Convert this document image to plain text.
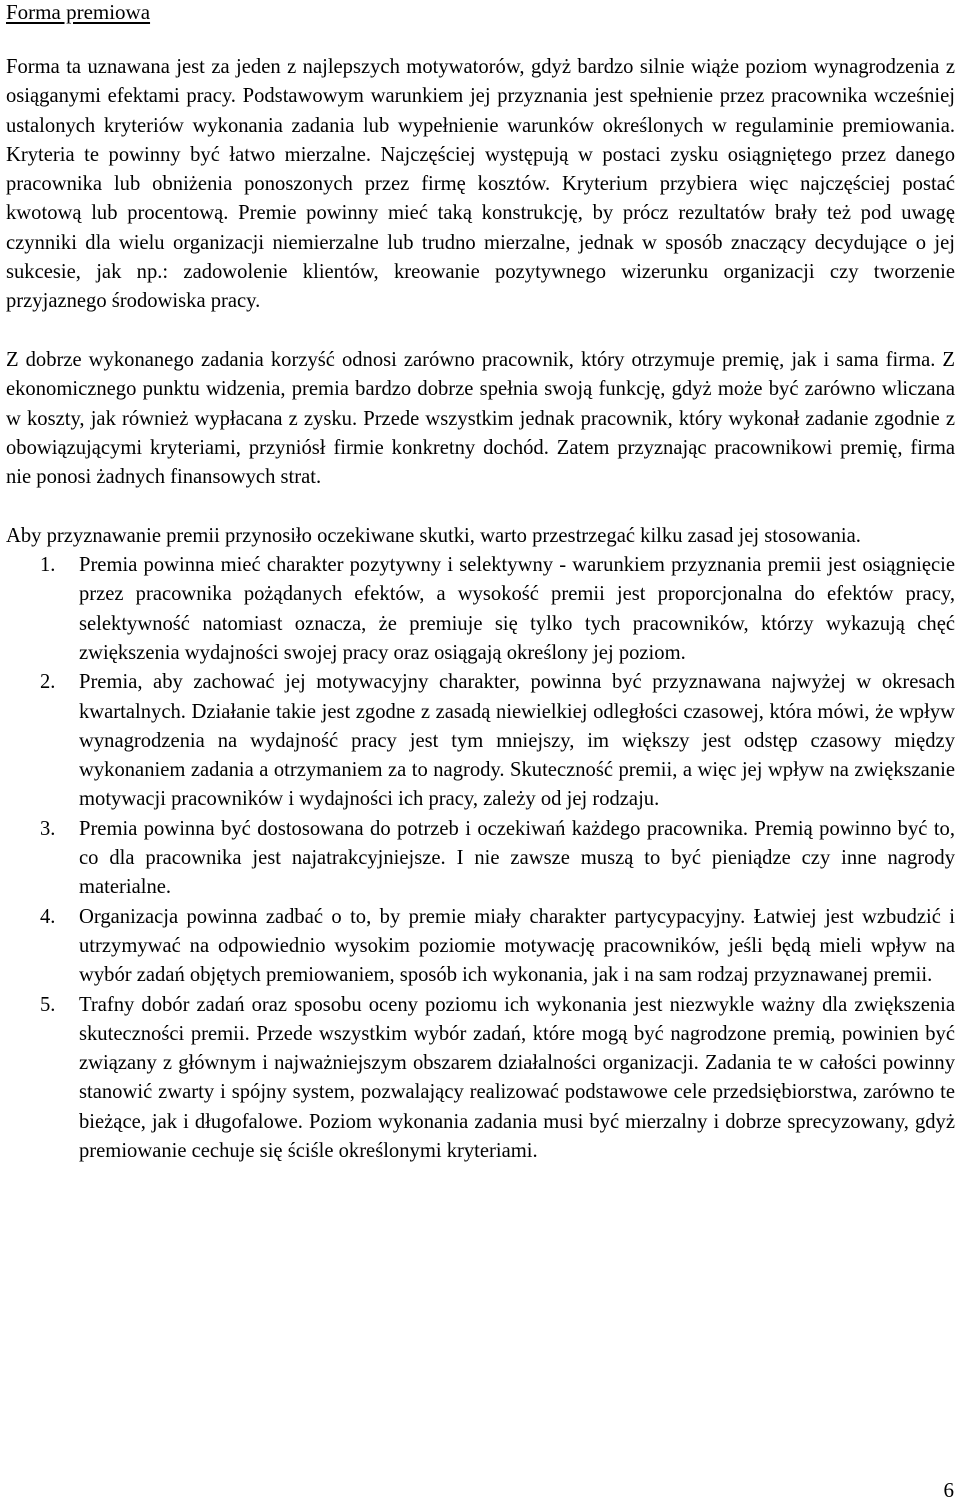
Forma premiowa

Forma ta uznawana jest za jeden z najlepszych motywatorów, gdyż bardzo silnie wiąże poziom wynagrodzenia z osiąganymi efektami pracy. Podstawowym warunkiem jej przyznania jest spełnienie przez pracownika wcześniej ustalonych kryteriów wykonania zadania lub wypełnienie warunków określonych w regulaminie premiowania. Kryteria te powinny być łatwo mierzalne. Najczęściej występują w postaci zysku osiągniętego przez danego pracownika lub obniżenia ponoszonych przez firmę kosztów. Kryterium przybiera więc najczęściej postać kwotową lub procentową. Premie powinny mieć taką konstrukcję, by prócz rezultatów brały też pod uwagę czynniki dla wielu organizacji niemierzalne lub trudno mierzalne, jednak w sposób znaczący decydujące o jej sukcesie, jak np.: zadowolenie klientów, kreowanie pozytywnego wizerunku organizacji czy tworzenie przyjaznego środowiska pracy.

Z dobrze wykonanego zadania korzyść odnosi zarówno pracownik, który otrzymuje premię, jak i sama firma. Z ekonomicznego punktu widzenia, premia bardzo dobrze spełnia swoją funkcję, gdyż może być zarówno wliczana w koszty, jak również wypłacana z zysku. Przede wszystkim jednak pracownik, który wykonał zadanie zgodnie z obowiązującymi kryteriami, przyniósł firmie konkretny dochód. Zatem przyznając pracownikowi premię, firma nie ponosi żadnych finansowych strat.

Aby przyznawanie premii przynosiło oczekiwane skutki, warto przestrzegać kilku zasad jej stosowania.

1. Premia powinna mieć charakter pozytywny i selektywny - warunkiem przyznania premii jest osiągnięcie przez pracownika pożądanych efektów, a wysokość premii jest proporcjonalna do efektów pracy, selektywność natomiast oznacza, że premiuje się tylko tych pracowników, którzy wykazują chęć zwiększenia wydajności swojej pracy oraz osiągają określony jej poziom.
2. Premia, aby zachować jej motywacyjny charakter, powinna być przyznawana najwyżej w okresach kwartalnych. Działanie takie jest zgodne z zasadą niewielkiej odległości czasowej, która mówi, że wpływ wynagrodzenia na wydajność pracy jest tym mniejszy, im większy jest odstęp czasowy między wykonaniem zadania a otrzymaniem za to nagrody. Skuteczność premii, a więc jej wpływ na zwiększanie motywacji pracowników i wydajności ich pracy, zależy od jej rodzaju.
3. Premia powinna być dostosowana do potrzeb i oczekiwań każdego pracownika. Premią powinno być to, co dla pracownika jest najatrakcyjniejsze. I nie zawsze muszą to być pieniądze czy inne nagrody materialne.
4. Organizacja powinna zadbać o to, by premie miały charakter partycypacyjny. Łatwiej jest wzbudzić i utrzymywać na odpowiednio wysokim poziomie motywację pracowników, jeśli będą mieli wpływ na wybór zadań objętych premiowaniem, sposób ich wykonania, jak i na sam rodzaj przyznawanej premii.
5. Trafny dobór zadań oraz sposobu oceny poziomu ich wykonania jest niezwykle ważny dla zwiększenia skuteczności premii. Przede wszystkim wybór zadań, które mogą być nagrodzone premią, powinien być związany z głównym i najważniejszym obszarem działalności organizacji. Zadania te w całości powinny stanowić zwarty i spójny system, pozwalający realizować podstawowe cele przedsiębiorstwa, zarówno te bieżące, jak i długofalowe. Poziom wykonania zadania musi być mierzalny i dobrze sprecyzowany, gdyż premiowanie cechuje się ściśle określonymi kryteriami.
6
